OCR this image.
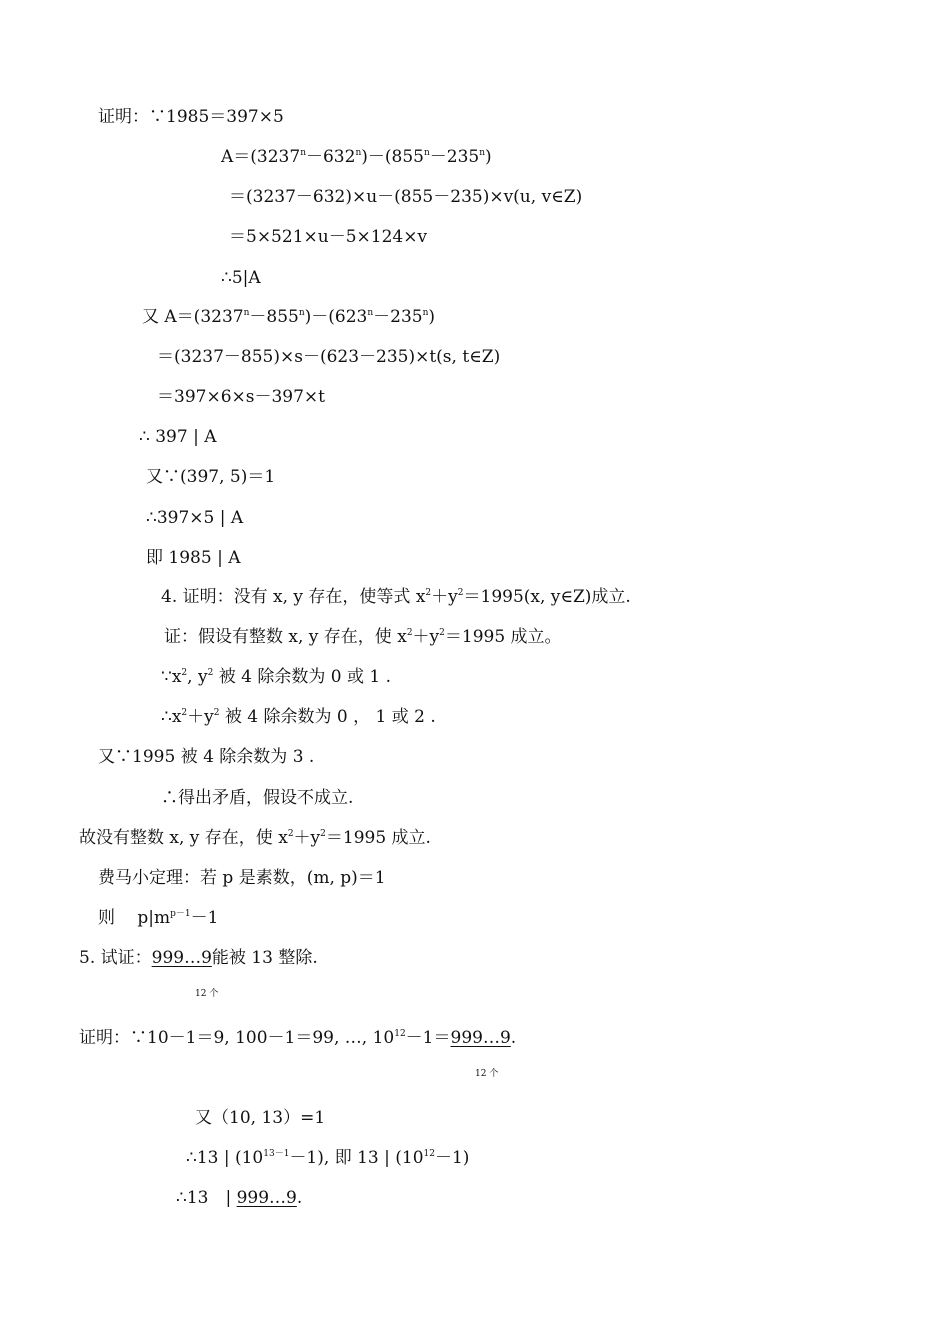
证明：∵1985＝397×5
$A=(3237^n-632^n)-(855^n-235^n)$
＝(3237－632)×u－(855－235)×v(u, v∈Z)
＝5×521×u－5×124×v
∴5|A
又 $A=(3237^n-855^n)-(623^n-235^n)$
＝(3237－855)×s－(623－235)×t(s, t∈Z)
＝397×6×s－397×t
∴ 397 | A
又∵(397, 5)＝1
∴397×5 | A
即 1985 | A
4. 证明：没有 x, y 存在，使等式 $x^2+y^2=1995(x$, y∈Z)成立.
证：假设有整数 x, y 存在，使 $x^2+y^2=1995$ 成立。
$\because x^2$, $y^2$ 被 4 除余数为 0 或 1 .
$\therefore x^2+y^2$ 被 4 除余数为 0 ， 1 或 2 .
又∵1995 被 4 除余数为 3 .
∴得出矛盾，假设不成立.
故没有整数 x, y 存在，使 $x^2+y^2=1995$ 成立.
费马小定理：若 p 是素数，(m, p)＝1
则　 $p|m^{p-1}-1$
5. 试证：999…9能被 13 整除.
12 个
证明：∵10－1＝9, 100－1＝99, …, $10^{12}-1=999\dots 9$.
12 个
又（10, 13）=1
∴13 | $(10^{13-1}-1)$, 即 13 | $(10^{12}-1)$
∴13　| 999…9.
